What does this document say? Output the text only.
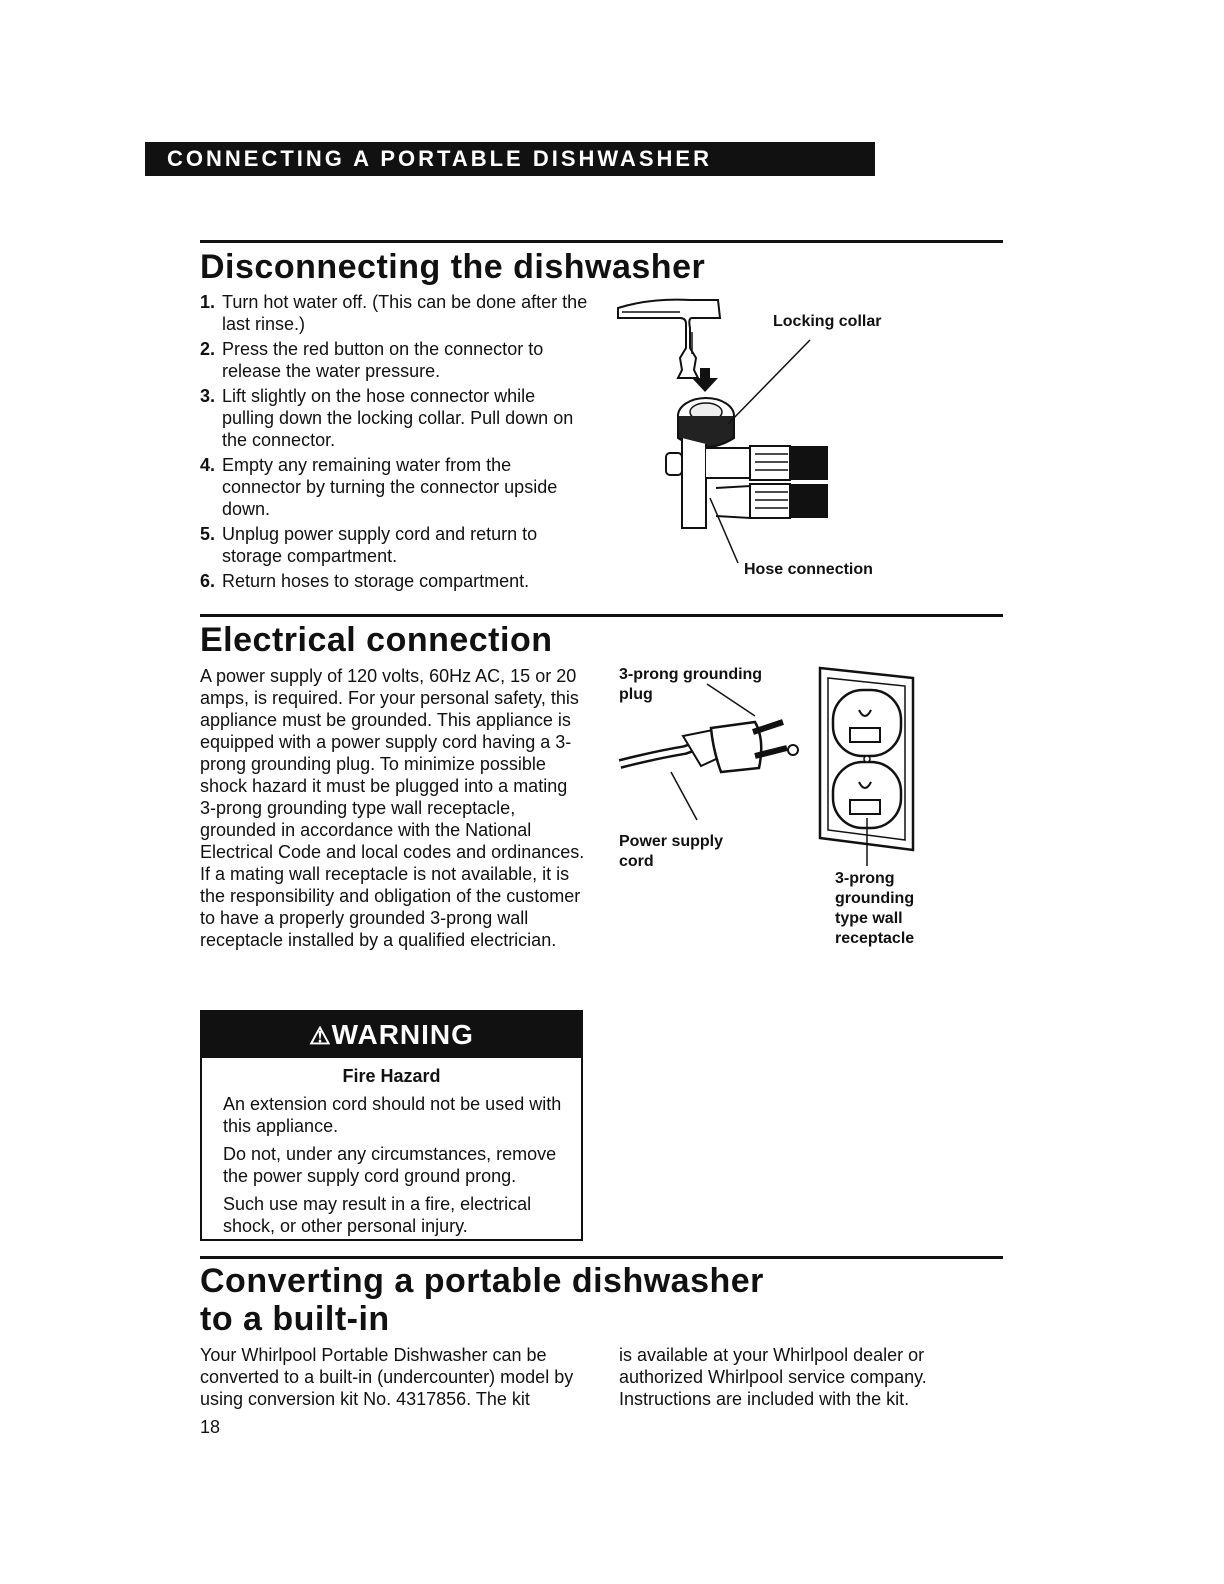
CONNECTING A PORTABLE DISHWASHER
Disconnecting the dishwasher
1. Turn hot water off. (This can be done after the last rinse.)
2. Press the red button on the connector to release the water pressure.
3. Lift slightly on the hose connector while pulling down the locking collar. Pull down on the connector.
4. Empty any remaining water from the connector by turning the connector upside down.
5. Unplug power supply cord and return to storage compartment.
6. Return hoses to storage compartment.
Locking collar
Hose connection
Electrical connection
A power supply of 120 volts, 60Hz AC, 15 or 20 amps, is required. For your personal safety, this appliance must be grounded. This appliance is equipped with a power supply cord having a 3-prong grounding plug. To minimize possible shock hazard it must be plugged into a mating 3-prong grounding type wall receptacle, grounded in accordance with the National Electrical Code and local codes and ordinances. If a mating wall receptacle is not available, it is the responsibility and obligation of the customer to have a properly grounded 3-prong wall receptacle installed by a qualified electrician.
3-prong grounding plug
Power supply cord
3-prong grounding type wall receptacle
⚠WARNING
Fire Hazard

An extension cord should not be used with this appliance.

Do not, under any circumstances, remove the power supply cord ground prong.

Such use may result in a fire, electrical shock, or other personal injury.

Converting a portable dishwasher
to a built-in
Your Whirlpool Portable Dishwasher can be converted to a built-in (undercounter) model by using conversion kit No. 4317856. The kit
is available at your Whirlpool dealer or authorized Whirlpool service company. Instructions are included with the kit.
18
